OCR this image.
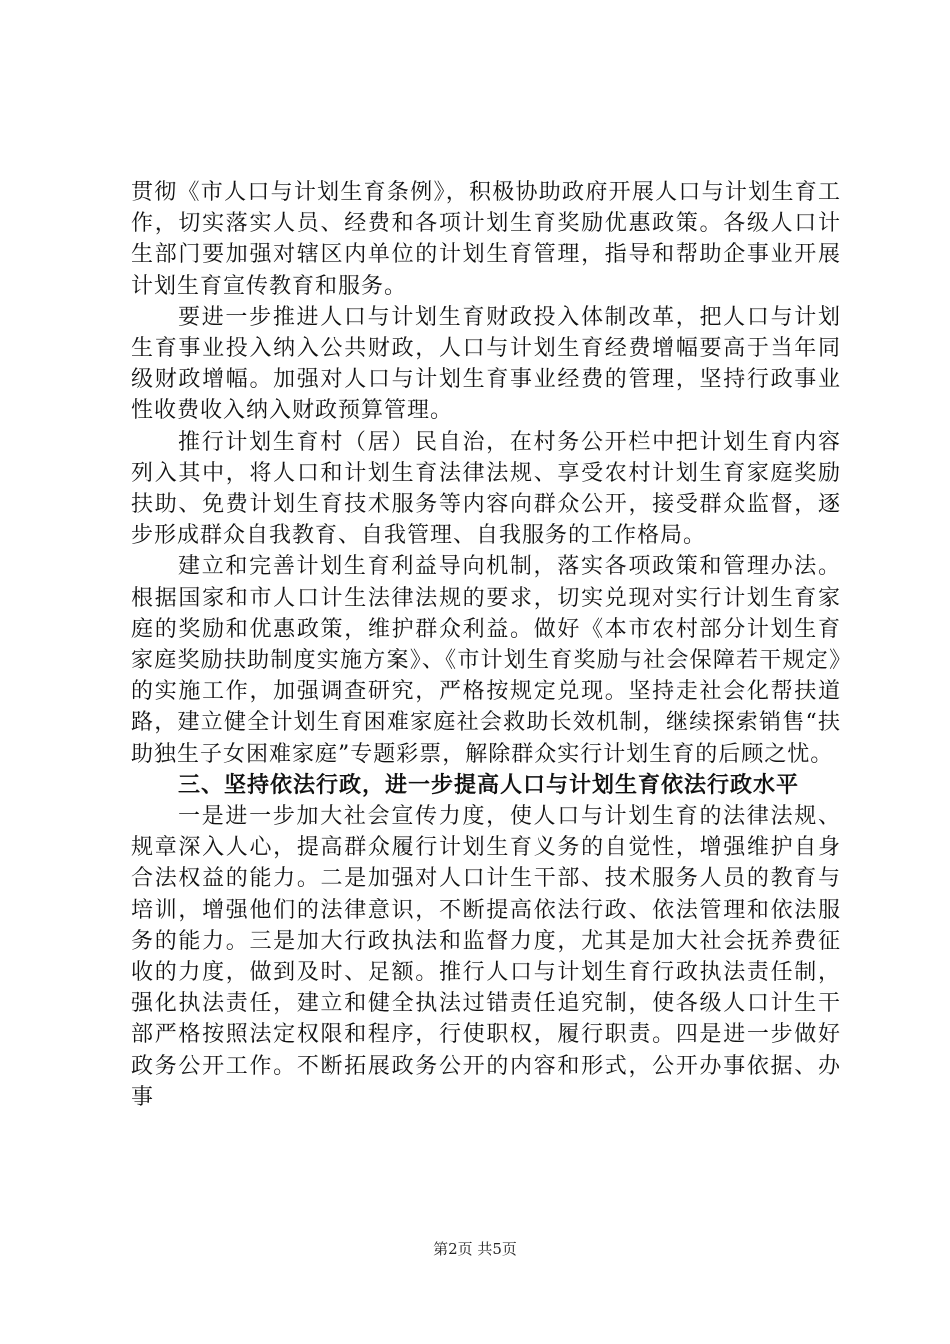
贯彻《市人口与计划生育条例》，积极协助政府开展人口与计划生育工作，切实落实人员、经费和各项计划生育奖励优惠政策。各级人口计生部门要加强对辖区内单位的计划生育管理，指导和帮助企事业开展计划生育宣传教育和服务。

要进一步推进人口与计划生育财政投入体制改革，把人口与计划生育事业投入纳入公共财政，人口与计划生育经费增幅要高于当年同级财政增幅。加强对人口与计划生育事业经费的管理，坚持行政事业性收费收入纳入财政预算管理。

推行计划生育村（居）民自治，在村务公开栏中把计划生育内容列入其中，将人口和计划生育法律法规、享受农村计划生育家庭奖励扶助、免费计划生育技术服务等内容向群众公开，接受群众监督，逐步形成群众自我教育、自我管理、自我服务的工作格局。

建立和完善计划生育利益导向机制，落实各项政策和管理办法。根据国家和市人口计生法律法规的要求，切实兑现对实行计划生育家庭的奖励和优惠政策，维护群众利益。做好《本市农村部分计划生育家庭奖励扶助制度实施方案》、《市计划生育奖励与社会保障若干规定》的实施工作，加强调查研究，严格按规定兑现。坚持走社会化帮扶道路，建立健全计划生育困难家庭社会救助长效机制，继续探索销售“扶助独生子女困难家庭”专题彩票，解除群众实行计划生育的后顾之忧。

三、坚持依法行政，进一步提高人口与计划生育依法行政水平

一是进一步加大社会宣传力度，使人口与计划生育的法律法规、规章深入人心，提高群众履行计划生育义务的自觉性，增强维护自身合法权益的能力。二是加强对人口计生干部、技术服务人员的教育与培训，增强他们的法律意识，不断提高依法行政、依法管理和依法服务的能力。三是加大行政执法和监督力度，尤其是加大社会抚养费征收的力度，做到及时、足额。推行人口与计划生育行政执法责任制，强化执法责任，建立和健全执法过错责任追究制，使各级人口计生干部严格按照法定权限和程序，行使职权，履行职责。四是进一步做好政务公开工作。不断拓展政务公开的内容和形式，公开办事依据、办事

第2页 共5页
